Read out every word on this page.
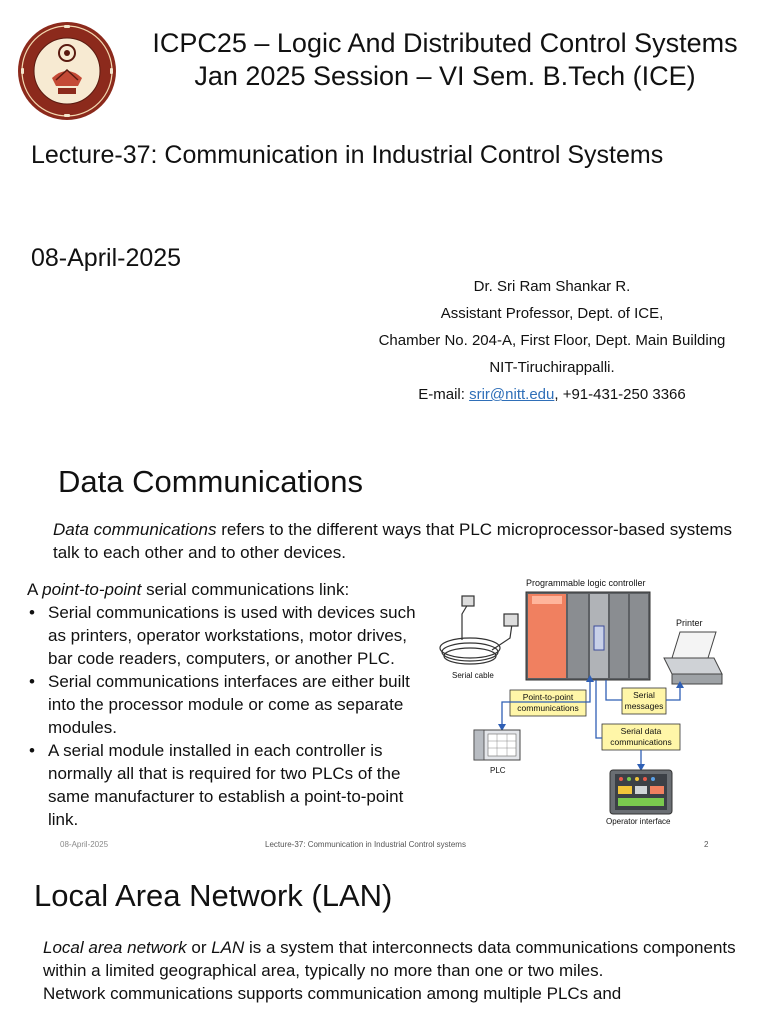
ICPC25 – Logic And Distributed Control Systems
Jan 2025 Session – VI Sem. B.Tech (ICE)
Lecture-37: Communication in Industrial Control Systems
08-April-2025
Dr. Sri Ram Shankar R.
Assistant Professor, Dept. of ICE,
Chamber No. 204-A, First Floor, Dept. Main Building
NIT-Tiruchirappalli.
E-mail: srir@nitt.edu, +91-431-250 3366
Data Communications
Data communications refers to the different ways that PLC microprocessor-based systems talk to each other and to other devices.
A point-to-point serial communications link:
• Serial communications is used with devices such as printers, operator workstations, motor drives, bar code readers, computers, or another PLC.
• Serial communications interfaces are either built into the processor module or come as separate modules.
• A serial module installed in each controller is normally all that is required for two PLCs of the same manufacturer to establish a point-to-point link.
Programmable logic controller
Serial cable
Printer
Point-to-point
communications
Serial
messages
Serial data
communications
PLC
Operator interface
08-April-2025	Lecture-37: Communication in Industrial Control systems	2
Local Area Network (LAN)
Local area network or LAN is a system that interconnects data communications components within a limited geographical area, typically no more than one or two miles.
Network communications supports communication among multiple PLCs and
